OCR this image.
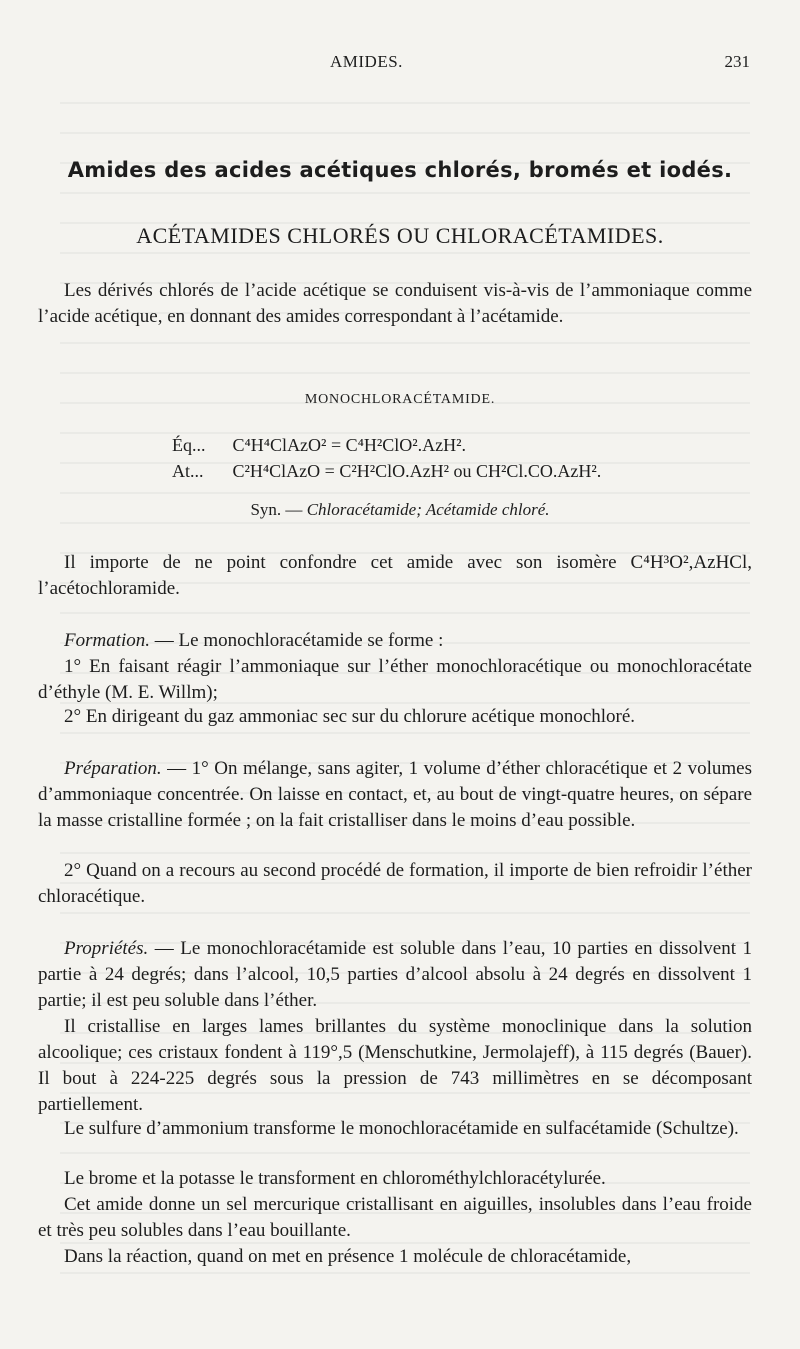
AMIDES.	231
Amides des acides acétiques chlorés, bromés et iodés.
ACÉTAMIDES CHLORÉS OU CHLORACÉTAMIDES.
Les dérivés chlorés de l’acide acétique se conduisent vis-à-vis de l’ammoniaque comme l’acide acétique, en donnant des amides correspondant à l’acétamide.
MONOCHLORACÉTAMIDE.
Éq... C⁴H⁴ClAzO² = C⁴H²ClO².AzH².
At... C²H⁴ClAzO = C²H²ClO.AzH² ou CH²Cl.CO.AzH².
Syn. — Chloracétamide; Acétamide chloré.
Il importe de ne point confondre cet amide avec son isomère C⁴H³O²,AzHCl, l’acétochloramide.
Formation. — Le monochloracétamide se forme :
1° En faisant réagir l’ammoniaque sur l’éther monochloracétique ou monochloracétate d’éthyle (M. E. Willm);
2° En dirigeant du gaz ammoniac sec sur du chlorure acétique monochloré.
Préparation. — 1° On mélange, sans agiter, 1 volume d’éther chloracétique et 2 volumes d’ammoniaque concentrée. On laisse en contact, et, au bout de vingt-quatre heures, on sépare la masse cristalline formée ; on la fait cristalliser dans le moins d’eau possible.
2° Quand on a recours au second procédé de formation, il importe de bien refroidir l’éther chloracétique.
Propriétés. — Le monochloracétamide est soluble dans l’eau, 10 parties en dissolvent 1 partie à 24 degrés; dans l’alcool, 10,5 parties d’alcool absolu à 24 degrés en dissolvent 1 partie; il est peu soluble dans l’éther.
Il cristallise en larges lames brillantes du système monoclinique dans la solution alcoolique; ces cristaux fondent à 119°,5 (Menschutkine, Jermolajeff), à 115 degrés (Bauer). Il bout à 224-225 degrés sous la pression de 743 millimètres en se décomposant partiellement.
Le sulfure d’ammonium transforme le monochloracétamide en sulfacétamide (Schultze).
Le brome et la potasse le transforment en chlorométhylchloracétylurée.
Cet amide donne un sel mercurique cristallisant en aiguilles, insolubles dans l’eau froide et très peu solubles dans l’eau bouillante.
Dans la réaction, quand on met en présence 1 molécule de chloracétamide,
